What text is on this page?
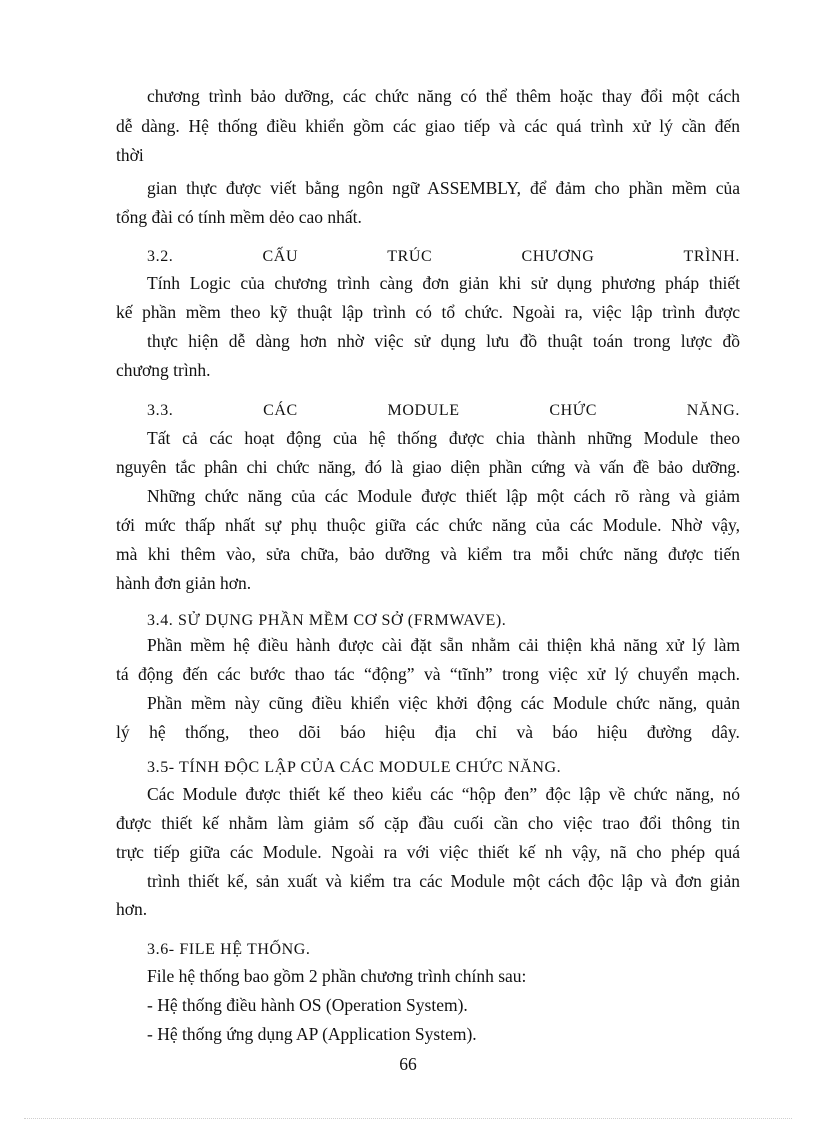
chương trình bảo dưỡng, các chức năng có thể thêm hoặc thay đổi một cách
dễ dàng. Hệ thống điều khiển gồm các giao tiếp và các quá trình xử lý cần đến
thời
gian thực được viết bằng ngôn ngữ ASSEMBLY, để đảm cho phần mềm của
tổng đài có tính mềm dẻo cao nhất.
3.2.	CẤU	TRÚC	CHƯƠNG	TRÌNH.
Tính Logic của chương trình càng đơn giản khi sử dụng phương pháp thiết
kế phần mềm theo kỹ thuật lập trình có tổ chức. Ngoài ra, việc lập trình được
thực hiện dễ dàng hơn nhờ việc sử dụng lưu đồ thuật toán trong lược đồ
chương trình.
3.3.	CÁC	MODULE	CHỨC	NĂNG.
Tất cả các hoạt động của hệ thống được chia thành những Module theo
nguyên tắc phân chi chức năng, đó là giao diện phần cứng và vấn đề bảo dưỡng.
Những chức năng của các Module được thiết lập một cách rõ ràng và giảm
tới mức thấp nhất sự phụ thuộc giữa các chức năng của các Module. Nhờ vậy,
mà khi thêm vào, sửa chữa, bảo dưỡng và kiểm tra mỗi chức năng được tiến
hành đơn giản hơn.
3.4. SỬ DỤNG PHẦN MỀM CƠ SỞ (FRMWAVE).
Phần mềm hệ điều hành được cài đặt sẵn nhằm cải thiện khả năng xử lý làm
tá động đến các bước thao tác “động” và “tĩnh” trong việc xử lý chuyển mạch.
Phần mềm này cũng điều khiển việc khởi động các Module chức năng, quản
lý hệ thống, theo dõi báo hiệu địa chỉ và báo hiệu đường dây.
3.5- TÍNH ĐỘC LẬP CỦA CÁC MODULE CHỨC NĂNG.
Các Module được thiết kế theo kiểu các “hộp đen” độc lập về chức năng, nó
được thiết kế nhằm làm giảm số cặp đầu cuối cần cho việc trao đổi thông tin
trực tiếp giữa các Module. Ngoài ra với việc thiết kế nh vậy, nã cho phép quá
trình thiết kế, sản xuất và kiểm tra các Module một cách độc lập và đơn giản
hơn.
3.6- FILE HỆ THỐNG.
File hệ thống bao gồm 2 phần chương trình chính sau:
- Hệ thống điều hành OS (Operation System).
- Hệ thống ứng dụng AP (Application System).
66
